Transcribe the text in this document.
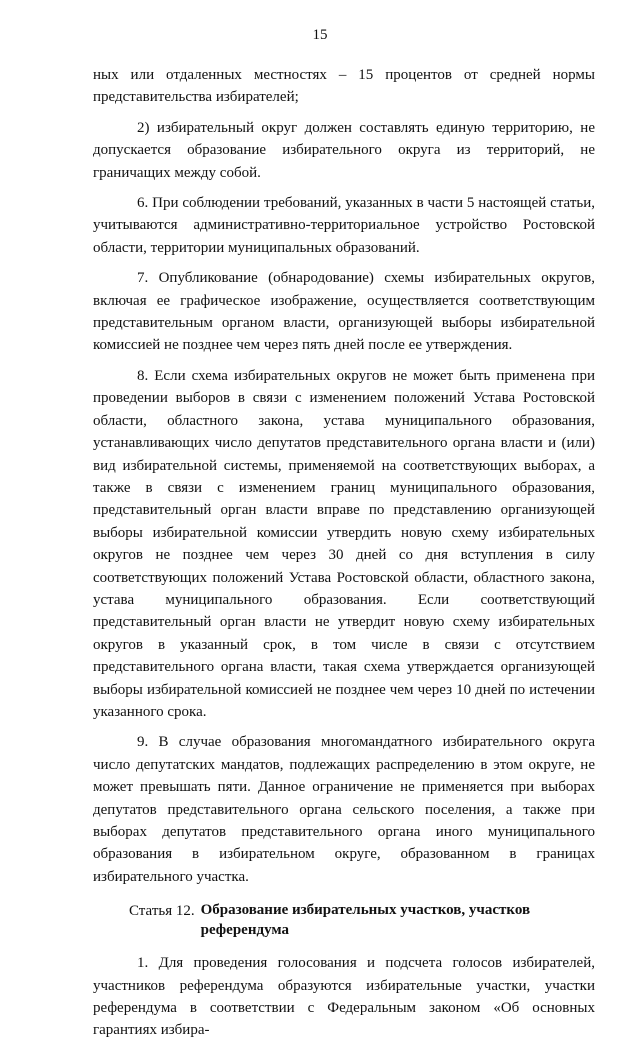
15

ных или отдаленных местностях – 15 процентов от средней нормы представительства избирателей;

2) избирательный округ должен составлять единую территорию, не допускается образование избирательного округа из территорий, не граничащих между собой.

6. При соблюдении требований, указанных в части 5 настоящей статьи, учитываются административно-территориальное устройство Ростовской области, территории муниципальных образований.

7. Опубликование (обнародование) схемы избирательных округов, включая ее графическое изображение, осуществляется соответствующим представительным органом власти, организующей выборы избирательной комиссией не позднее чем через пять дней после ее утверждения.

8. Если схема избирательных округов не может быть применена при проведении выборов в связи с изменением положений Устава Ростовской области, областного закона, устава муниципального образования, устанавливающих число депутатов представительного органа власти и (или) вид избирательной системы, применяемой на соответствующих выборах, а также в связи с изменением границ муниципального образования, представительный орган власти вправе по представлению организующей выборы избирательной комиссии утвердить новую схему избирательных округов не позднее чем через 30 дней со дня вступления в силу соответствующих положений Устава Ростовской области, областного закона, устава муниципального образования. Если соответствующий представительный орган власти не утвердит новую схему избирательных округов в указанный срок, в том числе в связи с отсутствием представительного органа власти, такая схема утверждается организующей выборы избирательной комиссией не позднее чем через 10 дней по истечении указанного срока.

9. В случае образования многомандатного избирательного округа число депутатских мандатов, подлежащих распределению в этом округе, не может превышать пяти. Данное ограничение не применяется при выборах депутатов представительного органа сельского поселения, а также при выборах депутатов представительного органа иного муниципального образования в избирательном округе, образованном в границах избирательного участка.

Статья 12. Образование избирательных участков, участков референдума

1. Для проведения голосования и подсчета голосов избирателей, участников референдума образуются избирательные участки, участки референдума в соответствии с Федеральным законом «Об основных гарантиях избира-
